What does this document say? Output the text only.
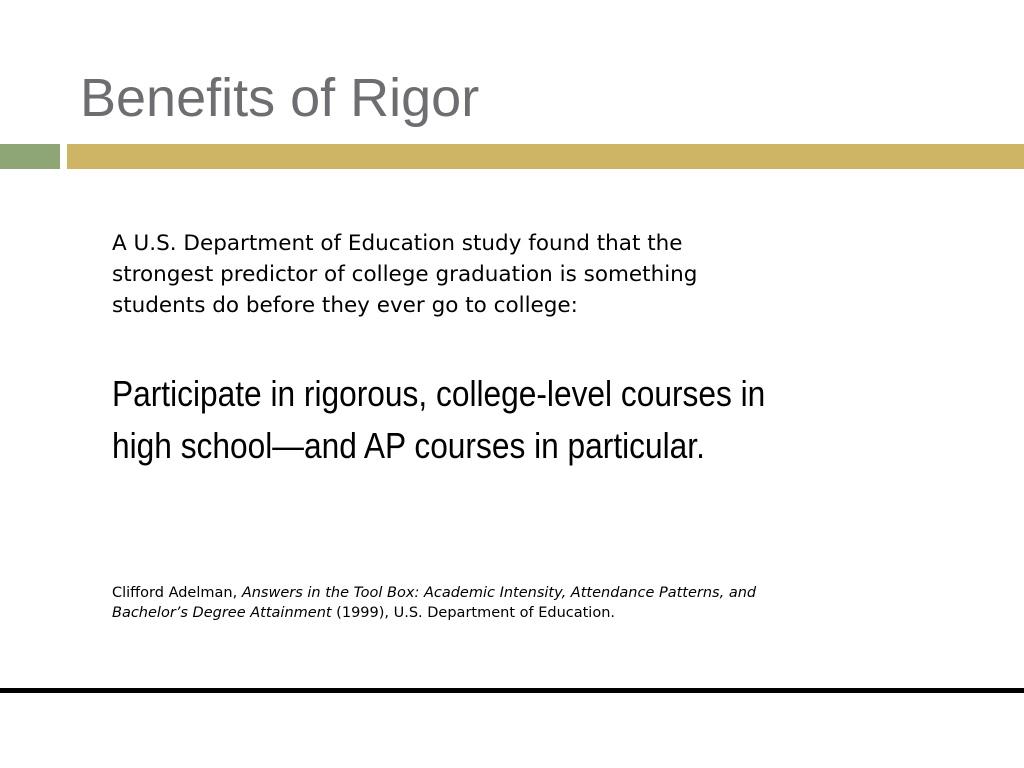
Benefits of Rigor

A U.S. Department of Education study found that the
strongest predictor of college graduation is something
students do before they ever go to college:

Participate in rigorous, college-level courses in
high school—and AP courses in particular.

Clifford Adelman, Answers in the Tool Box: Academic Intensity, Attendance Patterns, and
Bachelor’s Degree Attainment (1999), U.S. Department of Education.
